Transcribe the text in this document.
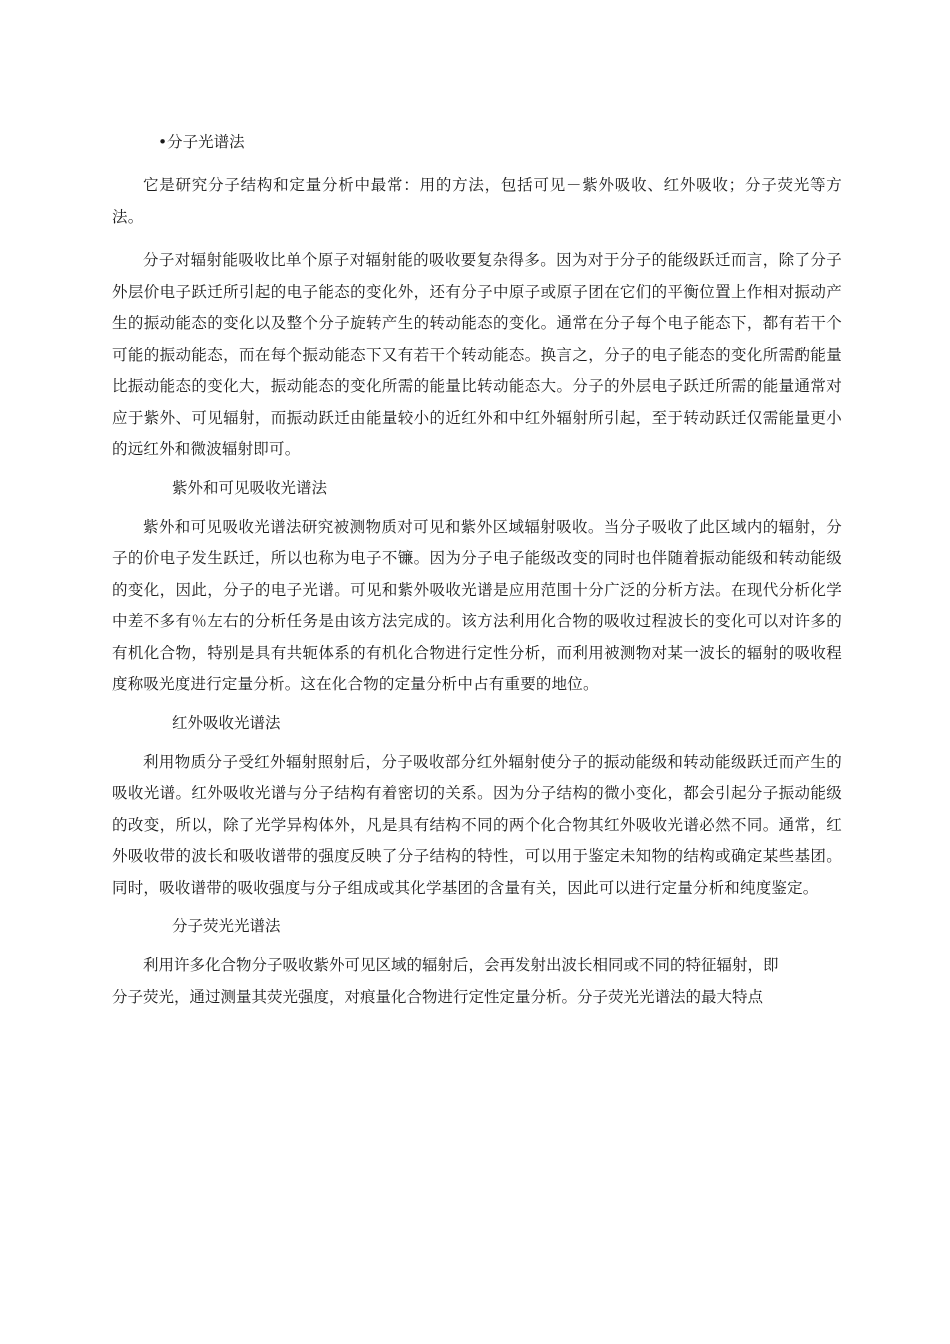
•分子光谱法

它是研究分子结构和定量分析中最常：用的方法，包括可见－紫外吸收、红外吸收；分子荧光等方法。

分子对辐射能吸收比单个原子对辐射能的吸收要复杂得多。因为对于分子的能级跃迁而言，除了分子外层价电子跃迁所引起的电子能态的变化外，还有分子中原子或原子团在它们的平衡位置上作相对振动产生的振动能态的变化以及整个分子旋转产生的转动能态的变化。通常在分子每个电子能态下，都有若干个可能的振动能态，而在每个振动能态下又有若干个转动能态。换言之，分子的电子能态的变化所需酌能量比振动能态的变化大，振动能态的变化所需的能量比转动能态大。分子的外层电子跃迁所需的能量通常对应于紫外、可见辐射，而振动跃迁由能量较小的近红外和中红外辐射所引起，至于转动跃迁仅需能量更小的远红外和微波辐射即可。

紫外和可见吸收光谱法

紫外和可见吸收光谱法研究被测物质对可见和紫外区域辐射吸收。当分子吸收了此区域内的辐射，分子的价电子发生跃迁，所以也称为电子不镰。因为分子电子能级改变的同时也伴随着振动能级和转动能级的变化，因此，分子的电子光谱。可见和紫外吸收光谱是应用范围十分广泛的分析方法。在现代分析化学中差不多有％左右的分析任务是由该方法完成的。该方法利用化合物的吸收过程波长的变化可以对许多的有机化合物，特别是具有共轭体系的有机化合物进行定性分析，而利用被测物对某一波长的辐射的吸收程度称吸光度进行定量分析。这在化合物的定量分析中占有重要的地位。

红外吸收光谱法

利用物质分子受红外辐射照射后，分子吸收部分红外辐射使分子的振动能级和转动能级跃迁而产生的吸收光谱。红外吸收光谱与分子结构有着密切的关系。因为分子结构的微小变化，都会引起分子振动能级的改变，所以，除了光学异构体外，凡是具有结构不同的两个化合物其红外吸收光谱必然不同。通常，红外吸收带的波长和吸收谱带的强度反映了分子结构的特性，可以用于鉴定未知物的结构或确定某些基团。同时，吸收谱带的吸收强度与分子组成或其化学基团的含量有关，因此可以进行定量分析和纯度鉴定。

分子荧光光谱法

利用许多化合物分子吸收紫外可见区域的辐射后，会再发射出波长相同或不同的特征辐射，即
分子荧光，通过测量其荧光强度，对痕量化合物进行定性定量分析。分子荧光光谱法的最大特点
